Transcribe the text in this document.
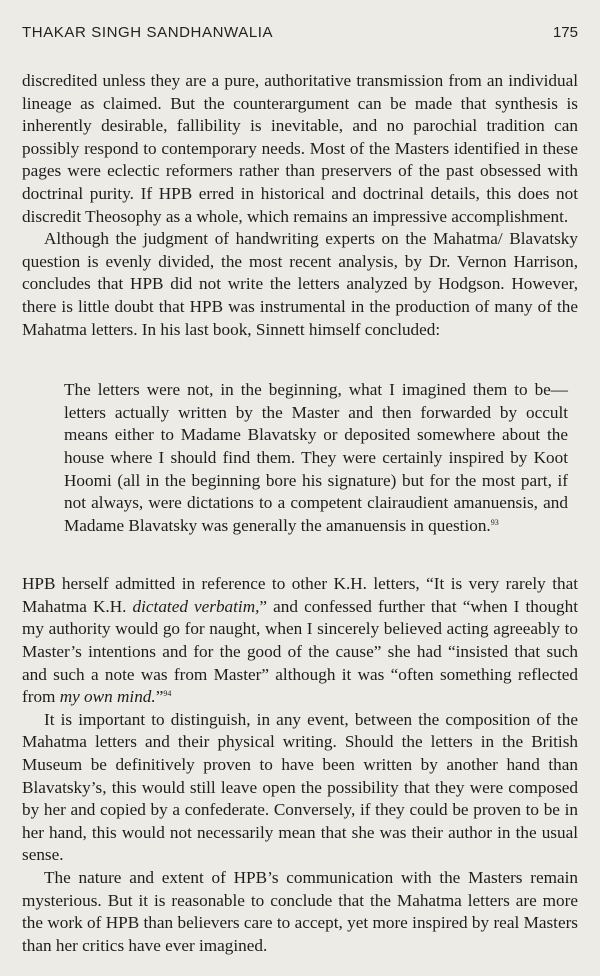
THAKAR SINGH SANDHANWALIA	175

discredited unless they are a pure, authoritative transmission from an individual lineage as claimed. But the counterargument can be made that synthesis is inherently desirable, fallibility is inevitable, and no parochial tradition can possibly respond to contemporary needs. Most of the Masters identified in these pages were eclectic reformers rather than preservers of the past obsessed with doctrinal purity. If HPB erred in historical and doctrinal details, this does not discredit Theosophy as a whole, which remains an impressive accomplishment.

Although the judgment of handwriting experts on the Mahatma/ Blavatsky question is evenly divided, the most recent analysis, by Dr. Vernon Harrison, concludes that HPB did not write the letters analyzed by Hodgson. However, there is little doubt that HPB was instrumental in the production of many of the Mahatma letters. In his last book, Sinnett himself concluded:

The letters were not, in the beginning, what I imagined them to be—letters actually written by the Master and then forwarded by occult means either to Madame Blavatsky or deposited somewhere about the house where I should find them. They were certainly inspired by Koot Hoomi (all in the beginning bore his signature) but for the most part, if not always, were dictations to a competent clairaudient amanuensis, and Madame Blavatsky was generally the amanuensis in question.$^{93}$

HPB herself admitted in reference to other K.H. letters, “It is very rarely that Mahatma K.H. dictated verbatim,” and confessed further that “when I thought my authority would go for naught, when I sincerely believed acting agreeably to Master’s intentions and for the good of the cause” she had “insisted that such and such a note was from Master” although it was “often something reflected from my own mind.”$^{94}$

It is important to distinguish, in any event, between the composition of the Mahatma letters and their physical writing. Should the letters in the British Museum be definitively proven to have been written by another hand than Blavatsky’s, this would still leave open the possibility that they were composed by her and copied by a confederate. Conversely, if they could be proven to be in her hand, this would not necessarily mean that she was their author in the usual sense.

The nature and extent of HPB’s communication with the Masters remain mysterious. But it is reasonable to conclude that the Mahatma letters are more the work of HPB than believers care to accept, yet more inspired by real Masters than her critics have ever imagined.
